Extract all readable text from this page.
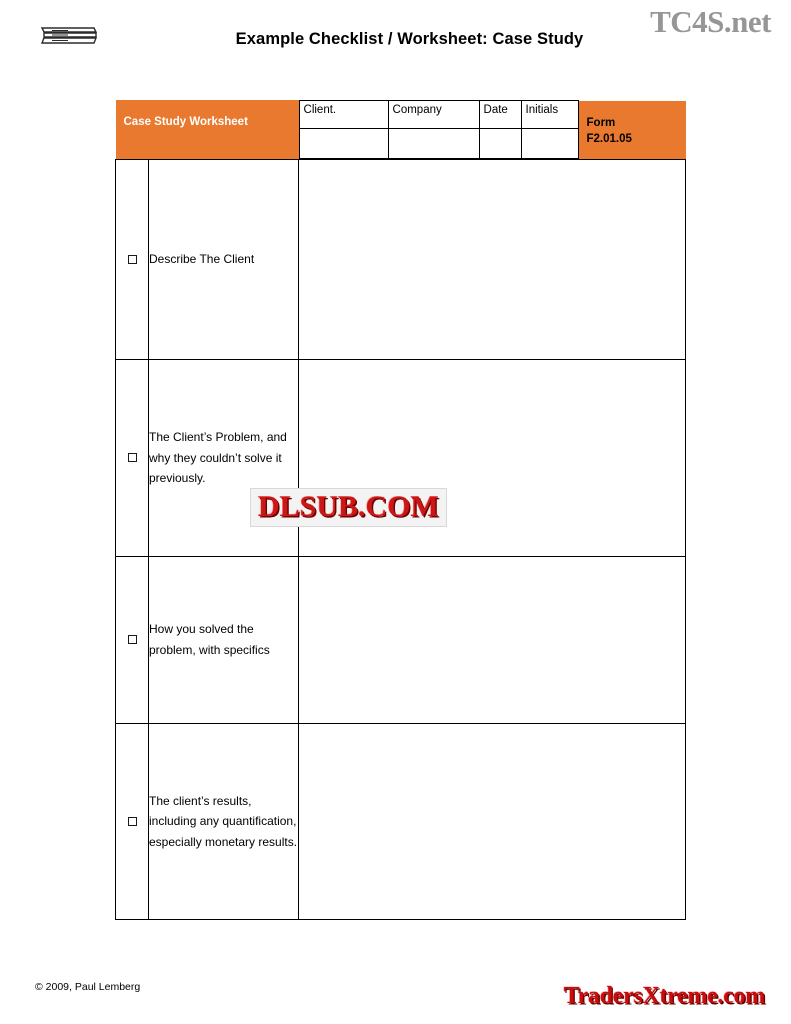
Example Checklist / Worksheet: Case Study	TC4S.net
Case Study Worksheet

Client.	Company	Date	Initials	
Form
F2.01.05

	Describe The Client	
	The Client’s Problem, and why they couldn’t solve it previously.	
	How you solved the problem, with specifics	
	The client’s results, including any quantification, especially monetary results.	
DLSUB.COM
© 2009, Paul Lemberg	TradersXtreme.com
